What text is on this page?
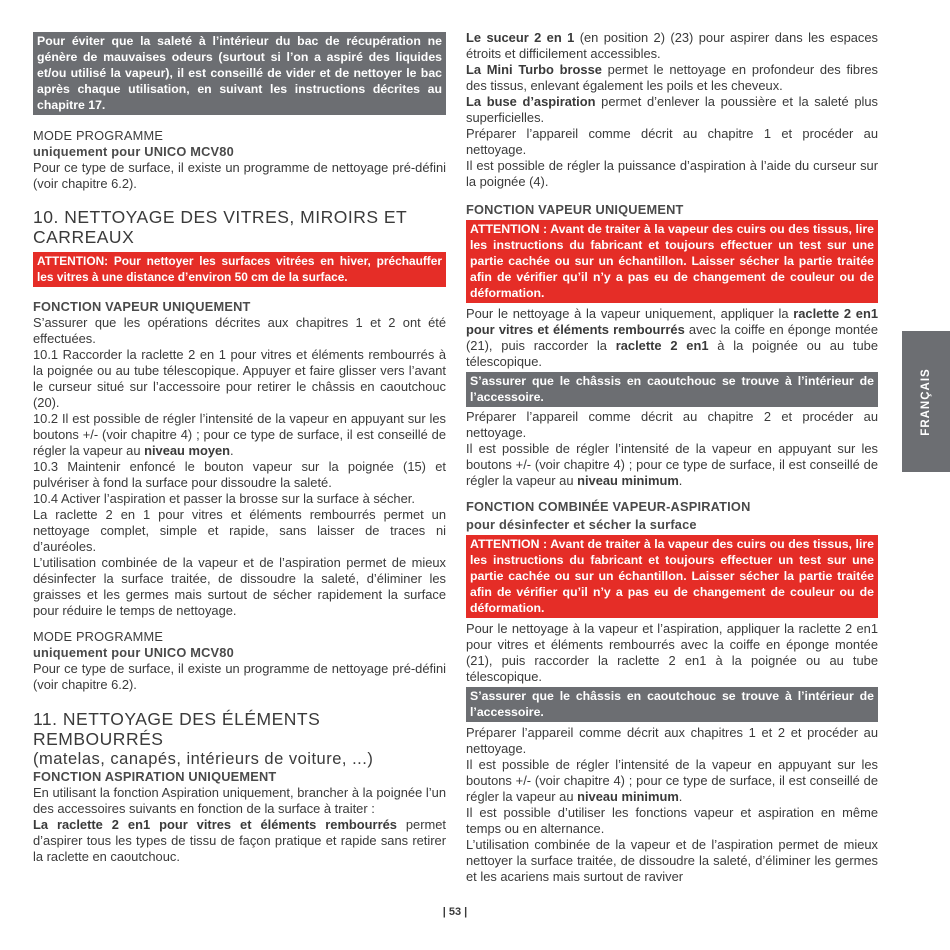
Pour éviter que la saleté à l’intérieur du bac de récupération ne génère de mauvaises odeurs (surtout si l’on a aspiré des liquides et/ou utilisé la vapeur), il est conseillé de vider et de nettoyer le bac après chaque utilisation, en suivant les instructions décrites au chapitre 17.
MODE PROGRAMME
uniquement pour UNICO MCV80

Pour ce type de surface, il existe un programme de nettoyage pré-défini (voir chapitre 6.2).

10. NETTOYAGE DES VITRES, MIROIRS ET CARREAUX
ATTENTION: Pour nettoyer les surfaces vitrées en hiver, préchauffer les vitres à une distance d’environ 50 cm de la surface.
FONCTION VAPEUR UNIQUEMENT

S’assurer que les opérations décrites aux chapitres 1 et 2 ont été effectuées.

10.1 Raccorder la raclette 2 en 1 pour vitres et éléments rembourrés à la poignée ou au tube télescopique. Appuyer et faire glisser vers l’avant le curseur situé sur l’accessoire pour retirer le châssis en caoutchouc (20).

10.2 Il est possible de régler l’intensité de la vapeur en appuyant sur les boutons +/- (voir chapitre 4) ; pour ce type de surface, il est conseillé de régler la vapeur au niveau moyen.

10.3 Maintenir enfoncé le bouton vapeur sur la poignée (15) et pulvériser à fond la surface pour dissoudre la saleté.

10.4 Activer l’aspiration et passer la brosse sur la surface à sécher.

La raclette 2 en 1 pour vitres et éléments rembourrés permet un nettoyage complet, simple et rapide, sans laisser de traces ni d’auréoles.

L’utilisation combinée de la vapeur et de l’aspiration permet de mieux désinfecter la surface traitée, de dissoudre la saleté, d’éliminer les graisses et les germes mais surtout de sécher rapidement la surface pour réduire le temps de nettoyage.

MODE PROGRAMME
uniquement pour UNICO MCV80

Pour ce type de surface, il existe un programme de nettoyage pré-défini (voir chapitre 6.2).

11. NETTOYAGE DES ÉLÉMENTS REMBOURRÉS
(matelas, canapés, intérieurs de voiture, ...)
FONCTION ASPIRATION UNIQUEMENT

En utilisant la fonction Aspiration uniquement, brancher à la poignée l’un des accessoires suivants en fonction de la surface à traiter :

La raclette 2 en1 pour vitres et éléments rembourrés permet d’aspirer tous les types de tissu de façon pratique et rapide sans retirer la raclette en caoutchouc.

Le suceur 2 en 1 (en position 2) (23) pour aspirer dans les espaces étroits et difficilement accessibles.

La Mini Turbo brosse permet le nettoyage en profondeur des fibres des tissus, enlevant également les poils et les cheveux.

La buse d’aspiration permet d’enlever la poussière et la saleté plus superficielles.

Préparer l’appareil comme décrit au chapitre 1 et procéder au nettoyage.

Il est possible de régler la puissance d’aspiration à l’aide du curseur sur la poignée (4).

FONCTION VAPEUR UNIQUEMENT
ATTENTION : Avant de traiter à la vapeur des cuirs ou des tissus, lire les instructions du fabricant et toujours effectuer un test sur une partie cachée ou sur un échantillon. Laisser sécher la partie traitée afin de vérifier qu’il n’y a pas eu de changement de couleur ou de déformation.

Pour le nettoyage à la vapeur uniquement, appliquer la raclette 2 en1 pour vitres et éléments rembourrés avec la coiffe en éponge montée (21), puis raccorder la raclette 2 en1 à la poignée ou au tube télescopique.

S’assurer que le châssis en caoutchouc se trouve à l’intérieur de l’accessoire.

Préparer l’appareil comme décrit au chapitre 2 et procéder au nettoyage.

Il est possible de régler l’intensité de la vapeur en appuyant sur les boutons +/- (voir chapitre 4) ; pour ce type de surface, il est conseillé de régler la vapeur au niveau minimum.

FONCTION COMBINÉE VAPEUR-ASPIRATION
pour désinfecter et sécher la surface
ATTENTION : Avant de traiter à la vapeur des cuirs ou des tissus, lire les instructions du fabricant et toujours effectuer un test sur une partie cachée ou sur un échantillon. Laisser sécher la partie traitée afin de vérifier qu’il n’y a pas eu de changement de couleur ou de déformation.

Pour le nettoyage à la vapeur et l’aspiration, appliquer la raclette 2 en1 pour vitres et éléments rembourrés avec la coiffe en éponge montée (21), puis raccorder la raclette 2 en1 à la poignée ou au tube télescopique.

S’assurer que le châssis en caoutchouc se trouve à l’intérieur de l’accessoire.

Préparer l’appareil comme décrit aux chapitres 1 et 2 et procéder au nettoyage.

Il est possible de régler l’intensité de la vapeur en appuyant sur les boutons +/- (voir chapitre 4) ; pour ce type de surface, il est conseillé de régler la vapeur au niveau minimum.

Il est possible d’utiliser les fonctions vapeur et aspiration en même temps ou en alternance.

L’utilisation combinée de la vapeur et de l’aspiration permet de mieux nettoyer la surface traitée, de dissoudre la saleté, d’éliminer les germes et les acariens mais surtout de raviver

FRANÇAIS
| 53 |
